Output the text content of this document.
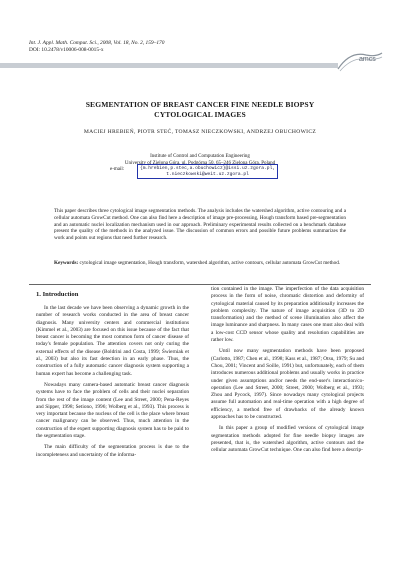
Int. J. Appl. Math. Comput. Sci., 2008, Vol. 18, No. 2, 159–170
DOI: 10.2478/v10006-008-0015-x
amcs
SEGMENTATION OF BREAST CANCER FINE NEEDLE BIOPSY
CYTOLOGICAL IMAGES
MACIEJ HREBIEŃ, PIOTR STEĆ, TOMASZ NIECZKOWSKI, ANDRZEJ OBUCHOWICZ
Institute of Control and Computation Engineering
University of Zielona Góra, ul. Podgórna 50, 65–246 Zielona Góra, Poland
e-mail:	{m.hrebien,p.stec,a.obuchowicz}@issi.uz.zgora.pl,
t.nieczkowski@weit.uz.zgora.pl
This paper describes three cytological image segmentation methods. The analysis includes the watershed algorithm, active contouring and a cellular automata GrowCut method. One can also find here a description of image pre-processing, Hough transform based pre-segmentation and an automatic nuclei localization mechanism used in our approach. Preliminary experimental results collected on a benchmark database present the quality of the methods in the analyzed issue. The discussion of common errors and possible future problems summarizes the work and points out regions that need further research.
Keywords: cytological image segmentation, Hough transform, watershed algorithm, active contours, cellular automata GrowCut method.
1. Introduction

In the last decade we have been observing a dynamic growth in the number of research works conducted in the area of breast cancer diagnosis. Many university centers and commercial institutions (Kimmel et al., 2003) are focused on this issue because of the fact that breast cancer is becoming the most common form of cancer disease of today's female population. The attention covers not only curing the external effects of the disease (Boldrini and Costa, 1999; Świerniak et al., 2003) but also its fast detection in an early phase. Thus, the construction of a fully automatic cancer diagnosis system supporting a human expert has become a challenging task.

Nowadays many camera-based automatic breast cancer diagnosis systems have to face the problem of cells and their nuclei separation from the rest of the image content (Lee and Street, 2000; Pena-Reyes and Sipper, 1998; Setiono, 1996; Wolberg et al., 1993). This process is very important because the nucleus of the cell is the place where breast cancer malignancy can be observed. Thus, much attention in the construction of the expert supporting diagnosis system has to be paid to the segmentation stage.

The main difficulty of the segmentation process is due to the incompleteness and uncertainty of the informa-

tion contained in the image. The imperfection of the data acquisition process in the form of noise, chromatic distortion and deformity of cytological material caused by its preparation additionally increases the problem complexity. The nature of image acquisition (3D to 2D transformation) and the method of scene illumination also affect the image luminance and sharpness. In many cases one must also deal with a low-cost CCD sensor whose quality and resolution capabilities are rather low.

Until now many segmentation methods have been proposed (Carlotto, 1987; Chen et al., 1998; Kass et al., 1987; Otsu, 1979; Su and Chou, 2001; Vincent and Soille, 1991) but, unfortunately, each of them introduces numerous additional problems and usually works in practice under given assumptions and/or needs the end-user's interaction/co-operation (Lee and Street, 2000; Street, 2000; Wolberg et al., 1993; Zhou and Pycock, 1997). Since nowadays many cytological projects assume full automation and real-time operation with a high degree of efficiency, a method free of drawbacks of the already known approaches has to be constructed.

In this paper a group of modified versions of cytological image segmentation methods adopted for fine needle biopsy images are presented, that is, the watershed algorithm, active contours and the cellular automata GrowCut technique. One can also find here a descrip-
